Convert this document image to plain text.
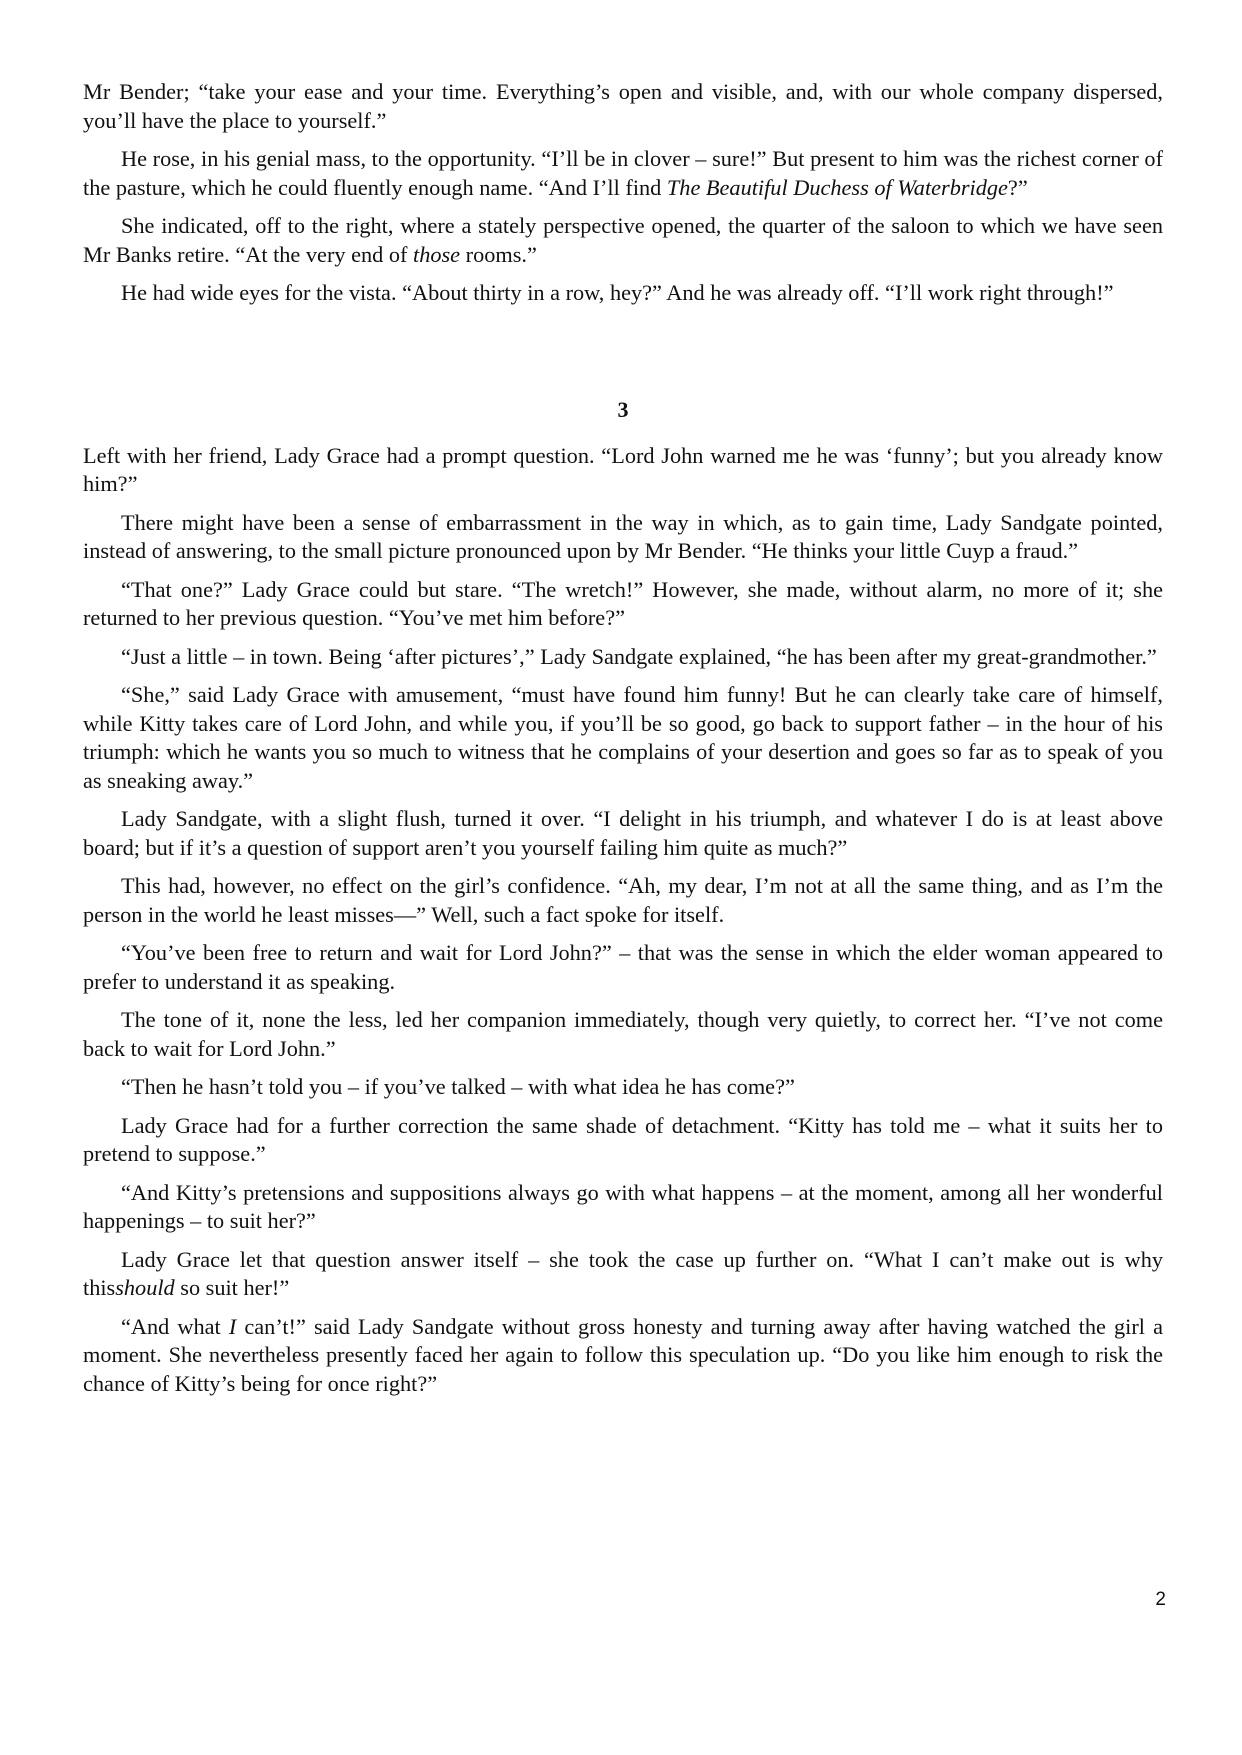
Mr Bender; “take your ease and your time. Everything’s open and visible, and, with our whole company dispersed, you’ll have the place to yourself.”

He rose, in his genial mass, to the opportunity. “I’ll be in clover – sure!” But present to him was the richest corner of the pasture, which he could fluently enough name. “And I’ll find The Beautiful Duchess of Waterbridge?”

She indicated, off to the right, where a stately perspective opened, the quarter of the saloon to which we have seen Mr Banks retire. “At the very end of those rooms.”

He had wide eyes for the vista. “About thirty in a row, hey?” And he was already off. “I’ll work right through!”

3

Left with her friend, Lady Grace had a prompt question. “Lord John warned me he was ‘funny’; but you already know him?”

There might have been a sense of embarrassment in the way in which, as to gain time, Lady Sandgate pointed, instead of answering, to the small picture pronounced upon by Mr Bender. “He thinks your little Cuyp a fraud.”

“That one?” Lady Grace could but stare. “The wretch!” However, she made, without alarm, no more of it; she returned to her previous question. “You’ve met him before?”

“Just a little – in town. Being ‘after pictures’,” Lady Sandgate explained, “he has been after my great-grandmother.”

“She,” said Lady Grace with amusement, “must have found him funny! But he can clearly take care of himself, while Kitty takes care of Lord John, and while you, if you’ll be so good, go back to support father – in the hour of his triumph: which he wants you so much to witness that he complains of your desertion and goes so far as to speak of you as sneaking away.”

Lady Sandgate, with a slight flush, turned it over. “I delight in his triumph, and whatever I do is at least above board; but if it’s a question of support aren’t you yourself failing him quite as much?”

This had, however, no effect on the girl’s confidence. “Ah, my dear, I’m not at all the same thing, and as I’m the person in the world he least misses—” Well, such a fact spoke for itself.

“You’ve been free to return and wait for Lord John?” – that was the sense in which the elder woman appeared to prefer to understand it as speaking.

The tone of it, none the less, led her companion immediately, though very quietly, to correct her. “I’ve not come back to wait for Lord John.”

“Then he hasn’t told you – if you’ve talked – with what idea he has come?”

Lady Grace had for a further correction the same shade of detachment. “Kitty has told me – what it suits her to pretend to suppose.”

“And Kitty’s pretensions and suppositions always go with what happens – at the moment, among all her wonderful happenings – to suit her?”

Lady Grace let that question answer itself – she took the case up further on. “What I can’t make out is why thisshould so suit her!”

“And what I can’t!” said Lady Sandgate without gross honesty and turning away after having watched the girl a moment. She nevertheless presently faced her again to follow this speculation up. “Do you like him enough to risk the chance of Kitty’s being for once right?”

2
